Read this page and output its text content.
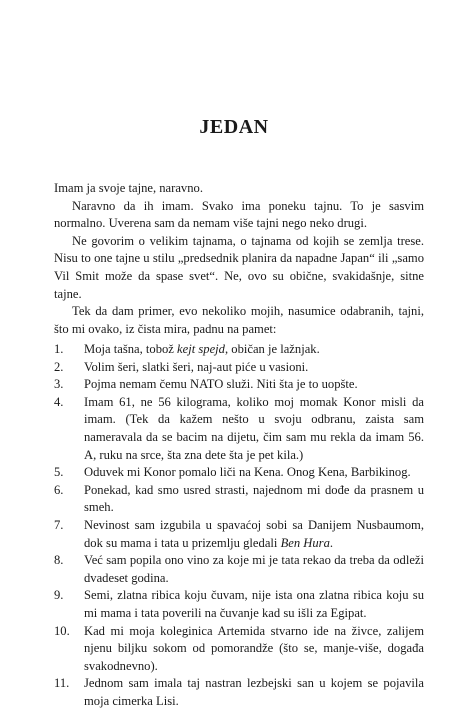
JEDAN

Imam ja svoje tajne, naravno.

Naravno da ih imam. Svako ima poneku tajnu. To je sasvim normalno. Uverena sam da nemam više tajni nego neko drugi.

Ne govorim o velikim tajnama, o tajnama od kojih se zemlja trese. Nisu to one tajne u stilu „predsednik planira da napadne Japan“ ili „samo Vil Smit može da spase svet“. Ne, ovo su obične, svakidašnje, sitne tajne.

Tek da dam primer, evo nekoliko mojih, nasumice odabranih, tajni, što mi ovako, iz čista mira, padnu na pamet:

1.	Moja tašna, tobož kejt spejd, običan je lažnjak.
2.	Volim šeri, slatki šeri, naj-aut piće u vasioni.
3.	Pojma nemam čemu NATO služi. Niti šta je to uopšte.
4.	Imam 61, ne 56 kilograma, koliko moj momak Konor misli da imam. (Tek da kažem nešto u svoju odbranu, zaista sam nameravala da se bacim na dijetu, čim sam mu rekla da imam 56. A, ruku na srce, šta zna dete šta je pet kila.)
5.	Oduvek mi Konor pomalo liči na Kena. Onog Kena, Barbikinog.
6.	Ponekad, kad smo usred strasti, najednom mi dođe da prasnem u smeh.
7.	Nevinost sam izgubila u spavaćoj sobi sa Danijem Nusbaumom, dok su mama i tata u prizemlju gledali Ben Hura.
8.	Već sam popila ono vino za koje mi je tata rekao da treba da odleži dvadeset godina.
9.	Semi, zlatna ribica koju čuvam, nije ista ona zlatna ribica koju su mi mama i tata poverili na čuvanje kad su išli za Egipat.
10.	Kad mi moja koleginica Artemida stvarno ide na živce, zalijem njenu biljku sokom od pomorandže (što se, manje-više, događa svakodnevno).
11.	Jednom sam imala taj nastran lezbejski san u kojem se pojavila moja cimerka Lisi.
